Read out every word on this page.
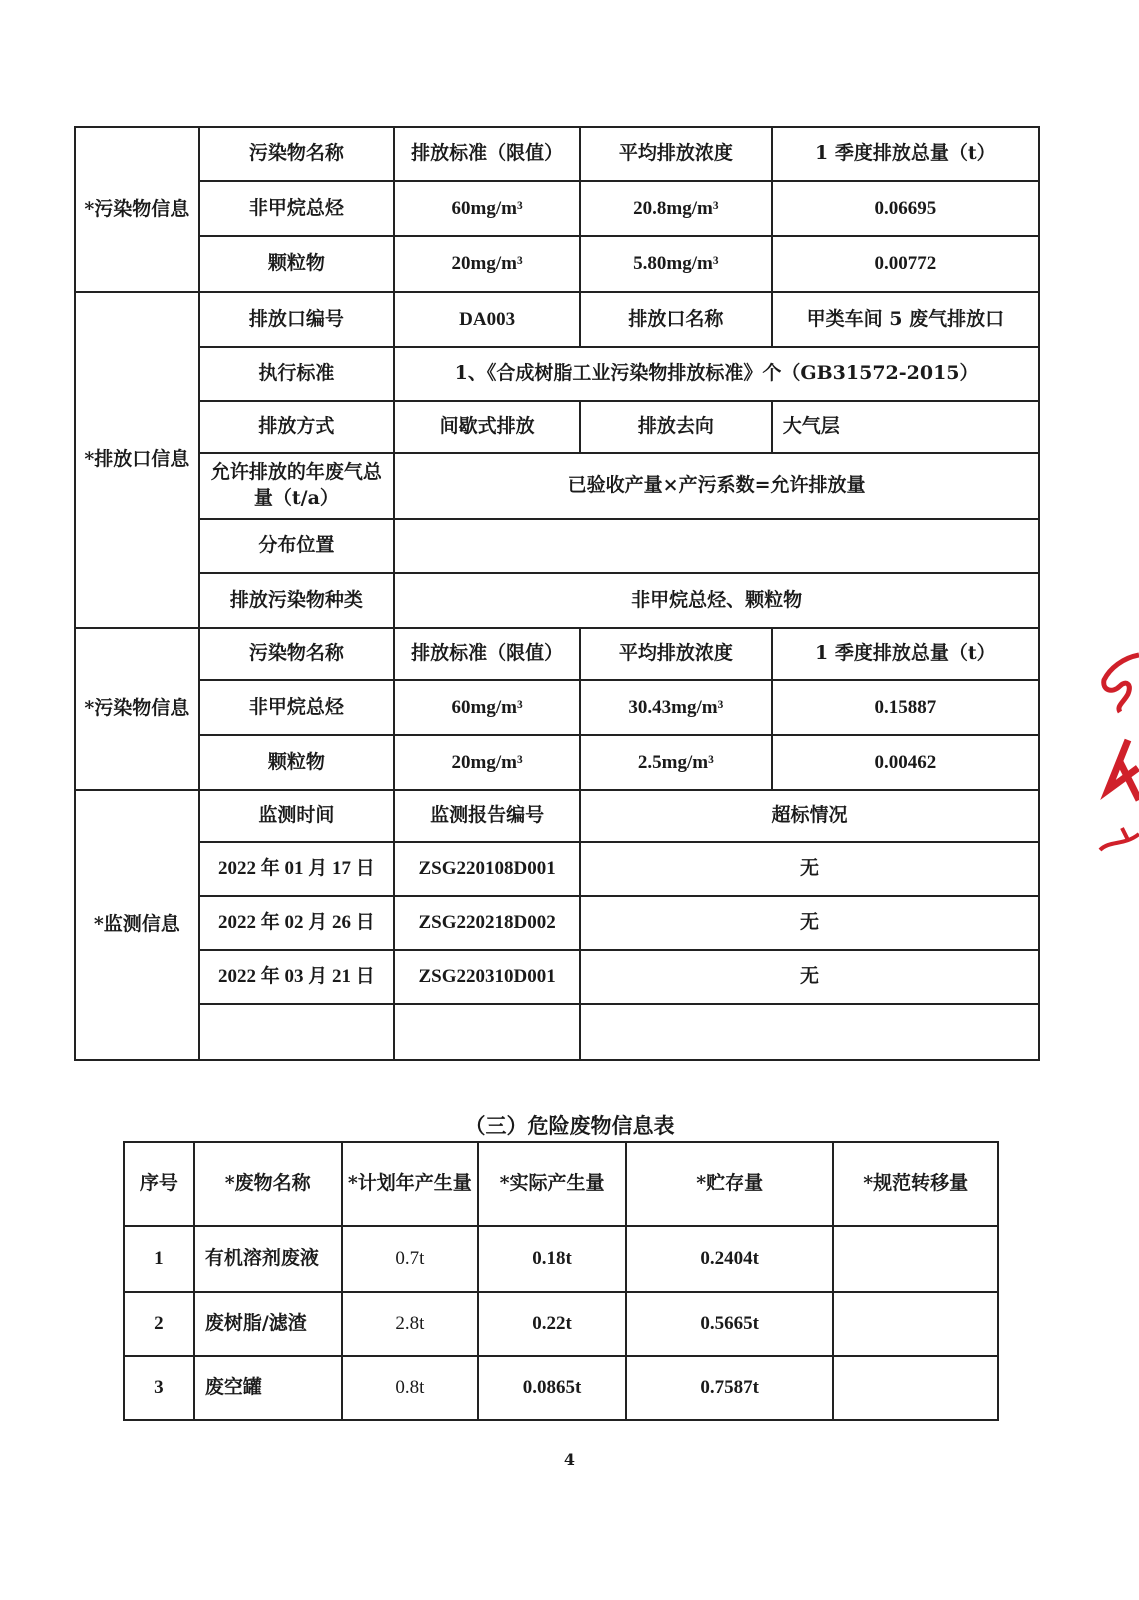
*污染物信息	污染物名称	排放标准（限值）	平均排放浓度	1 季度排放总量（t）
	非甲烷总烃	60mg/m³	20.8mg/m³	0.06695
	颗粒物	20mg/m³	5.80mg/m³	0.00772
*排放口信息	排放口编号	DA003	排放口名称	甲类车间 5 废气排放口
	执行标准	1、《合成树脂工业污染物排放标准》个（GB31572-2015）		
	排放方式	间歇式排放	排放去向	大气层
	允许排放的年废气总量（t/a）	已验收产量×产污系数=允许排放量		
	分布位置			
	排放污染物种类	非甲烷总烃、颗粒物		
*污染物信息	污染物名称	排放标准（限值）	平均排放浓度	1 季度排放总量（t）
	非甲烷总烃	60mg/m³	30.43mg/m³	0.15887
	颗粒物	20mg/m³	2.5mg/m³	0.00462
*监测信息	监测时间	监测报告编号	超标情况	
	2022 年 01 月 17 日	ZSG220108D001	无	
	2022 年 02 月 26 日	ZSG220218D002	无	
	2022 年 03 月 21 日	ZSG220310D001	无	

（三）危险废物信息表
序号	*废物名称	*计划年产生量	*实际产生量	*贮存量	*规范转移量
1	有机溶剂废液	0.7t	0.18t	0.2404t	
2	废树脂/滤渣	2.8t	0.22t	0.5665t	
3	废空罐	0.8t	0.0865t	0.7587t	
4
